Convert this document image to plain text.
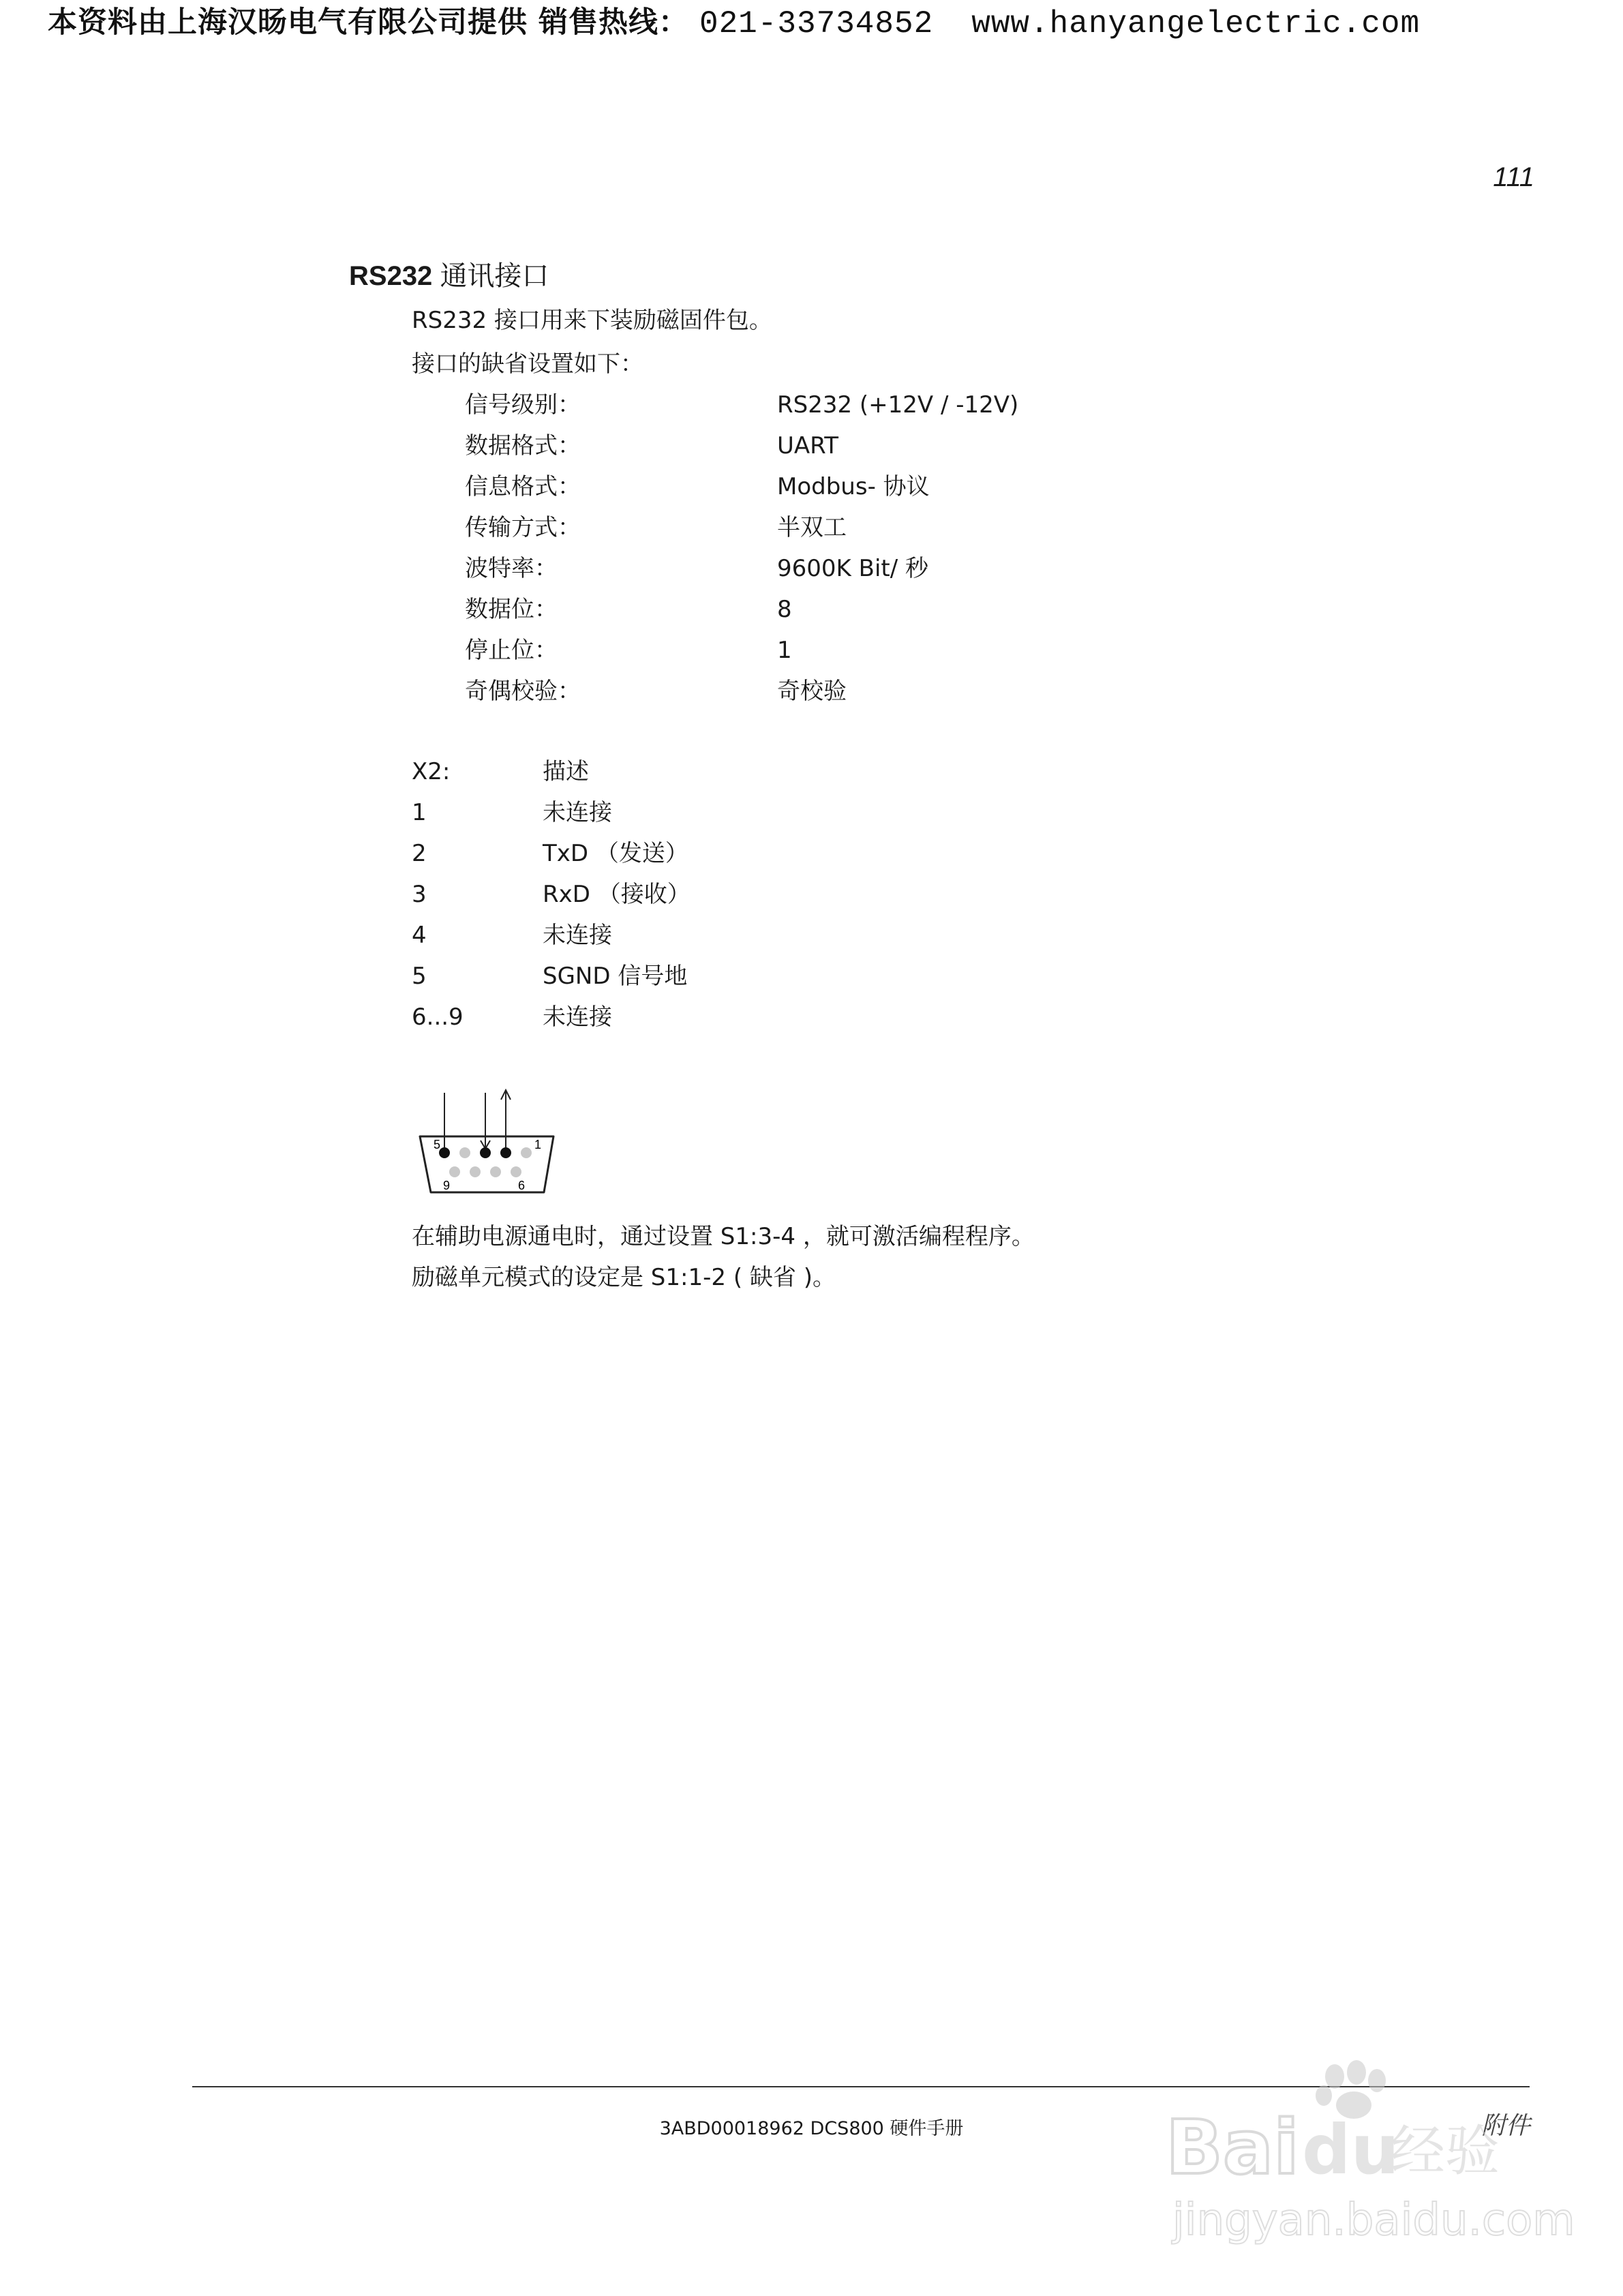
本资料由上海汉旸电气有限公司提供 销售热线： 021-33734852 www.hanyangelectric.com
111
RS232 通讯接口
RS232 接口用来下装励磁固件包。
接口的缺省设置如下：
信号级别：	RS232 (+12V / -12V)
数据格式：	UART
信息格式：	Modbus- 协议
传输方式：	半双工
波特率：	9600K Bit/ 秒
数据位：	8
停止位：	1
奇偶校验：	奇校验
X2:	描述
1	未连接
2	TxD （发送）
3	RxD （接收）
4	未连接
5	SGND 信号地
6...9	未连接
5	1
9	6
在辅助电源通电时，通过设置 S1:3-4 ，就可激活编程程序。
励磁单元模式的设定是 S1:1-2 ( 缺省 )。
附件
3ABD00018962 DCS800 硬件手册	Bai du
经验
jingyan.baidu.com
